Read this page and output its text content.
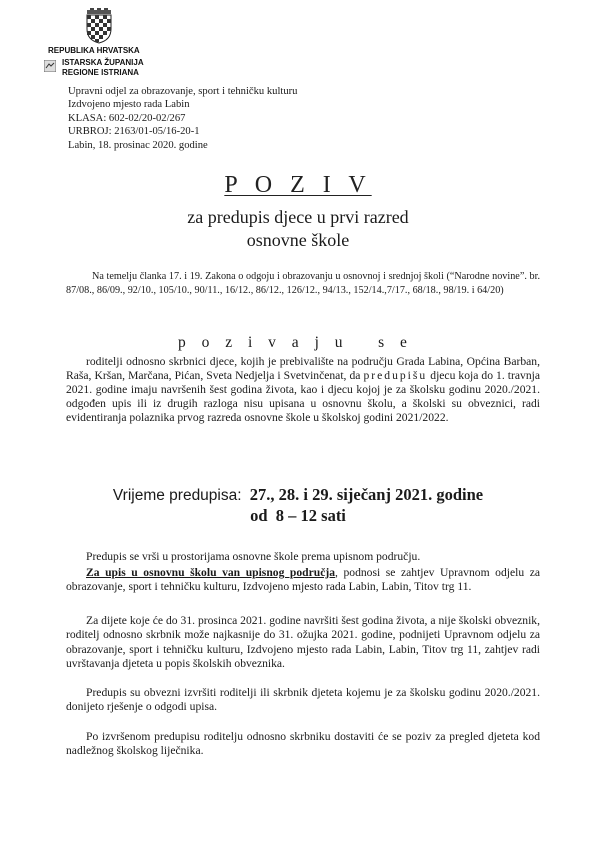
REPUBLIKA HRVATSKA
ISTARSKA ŽUPANIJA
REGIONE ISTRIANA
Upravni odjel za obrazovanje, sport i tehničku kulturu
Izdvojeno mjesto rada Labin
KLASA: 602-02/20-02/267
URBROJ: 2163/01-05/16-20-1
Labin, 18. prosinac 2020. godine
P O Z I V
za predupis djece u prvi razred
osnovne škole
Na temelju članka 17. i 19. Zakona o odgoju i obrazovanju u osnovnoj i srednjoj školi (“Narodne novine”. br. 87/08., 86/09., 92/10., 105/10., 90/11., 16/12., 86/12., 126/12., 94/13., 152/14.,7/17., 68/18., 98/19. i 64/20)
p o z i v a j u   s e
roditelji odnosno skrbnici djece, kojih je prebivalište na području Grada Labina, Općina Barban, Raša, Kršan, Marčana, Pićan, Sveta Nedjelja i Svetvinčenat, da predupišu djecu koja do 1. travnja 2021. godine imaju navršenih šest godina života, kao i djecu kojoj je za školsku godinu 2020./2021. odgođen upis ili iz drugih razloga nisu upisana u osnovnu školu, a školski su obveznici, radi evidentiranja polaznika prvog razreda osnovne škole u školskoj godini 2021/2022.
Vrijeme predupisa: 27., 28. i 29. siječanj 2021. godine
od  8 – 12 sati
Predupis se vrši u prostorijama osnovne škole prema upisnom području.
Za upis u osnovnu školu van upisnog područja, podnosi se zahtjev Upravnom odjelu za obrazovanje, sport i tehničku kulturu, Izdvojeno mjesto rada Labin, Labin, Titov trg 11.
Za dijete koje će do 31. prosinca 2021. godine navršiti šest godina života, a nije školski obveznik, roditelj odnosno skrbnik može najkasnije do 31. ožujka 2021. godine, podnijeti Upravnom odjelu za obrazovanje, sport i tehničku kulturu, Izdvojeno mjesto rada Labin, Labin, Titov trg 11, zahtjev radi uvrštavanja djeteta u popis školskih obveznika.
Predupis su obvezni izvršiti roditelji ili skrbnik djeteta kojemu je za školsku godinu 2020./2021. donijeto rješenje o odgodi upisa.
Po izvršenom predupisu roditelju odnosno skrbniku dostaviti će se poziv za pregled djeteta kod nadležnog školskog liječnika.
